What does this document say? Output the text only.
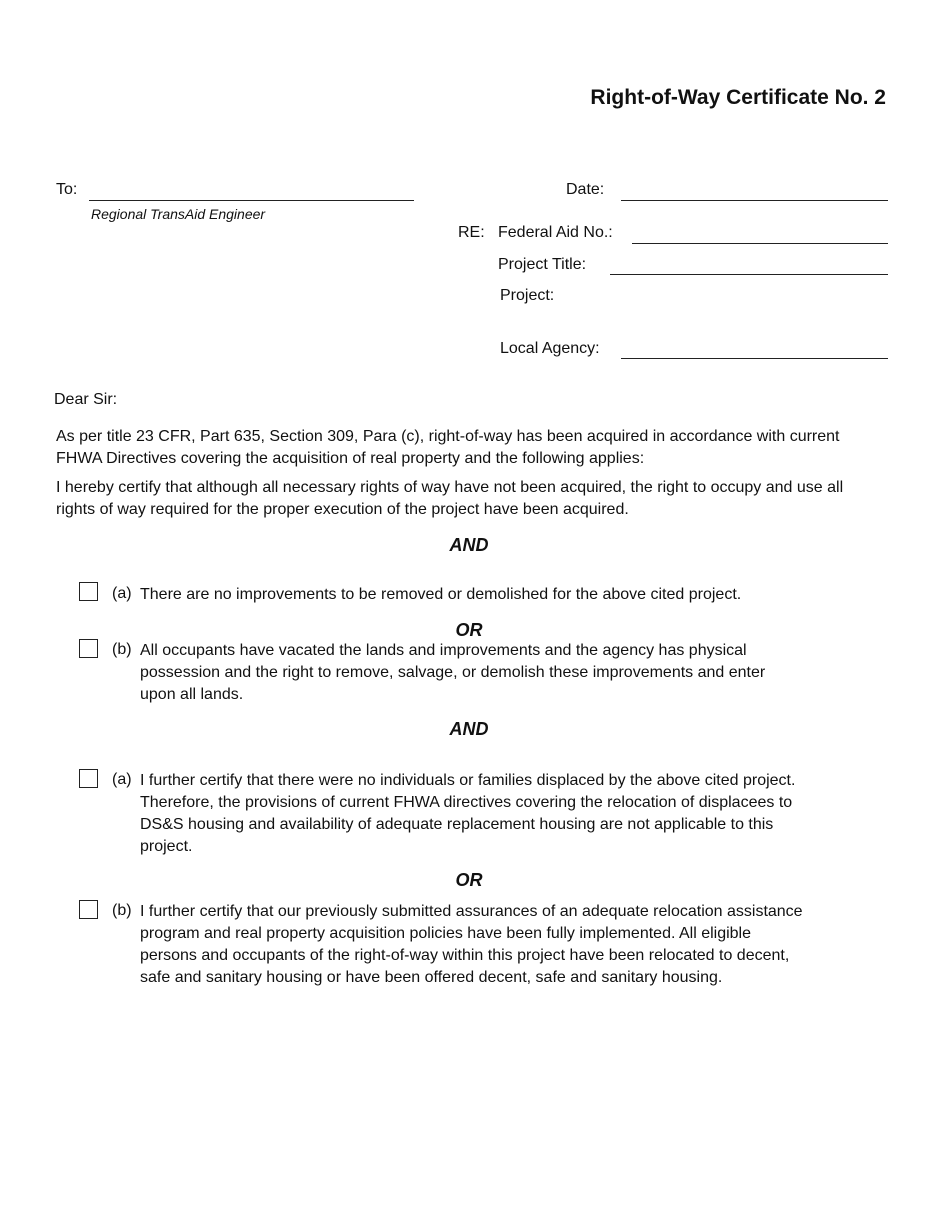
Right-of-Way Certificate No. 2
To:
Regional TransAid Engineer
Date:
RE: Federal Aid No.:
Project Title:
Project:
Local Agency:
Dear Sir:
As per title 23 CFR, Part 635, Section 309, Para (c), right-of-way has been acquired in accordance with current FHWA Directives covering the acquisition of real property and the following applies:
I hereby certify that although all necessary rights of way have not been acquired, the right to occupy and use all rights of way required for the proper execution of the project have been acquired.
AND
(a) There are no improvements to be removed or demolished for the above cited project.
OR
(b) All occupants have vacated the lands and improvements and the agency has physical possession and the right to remove, salvage, or demolish these improvements and enter upon all lands.
AND
(a) I further certify that there were no individuals or families displaced by the above cited project. Therefore, the provisions of current FHWA directives covering the relocation of displacees to DS&S housing and availability of adequate replacement housing are not applicable to this project.
OR
(b) I further certify that our previously submitted assurances of an adequate relocation assistance program and real property acquisition policies have been fully implemented. All eligible persons and occupants of the right-of-way within this project have been relocated to decent, safe and sanitary housing or have been offered decent, safe and sanitary housing.
